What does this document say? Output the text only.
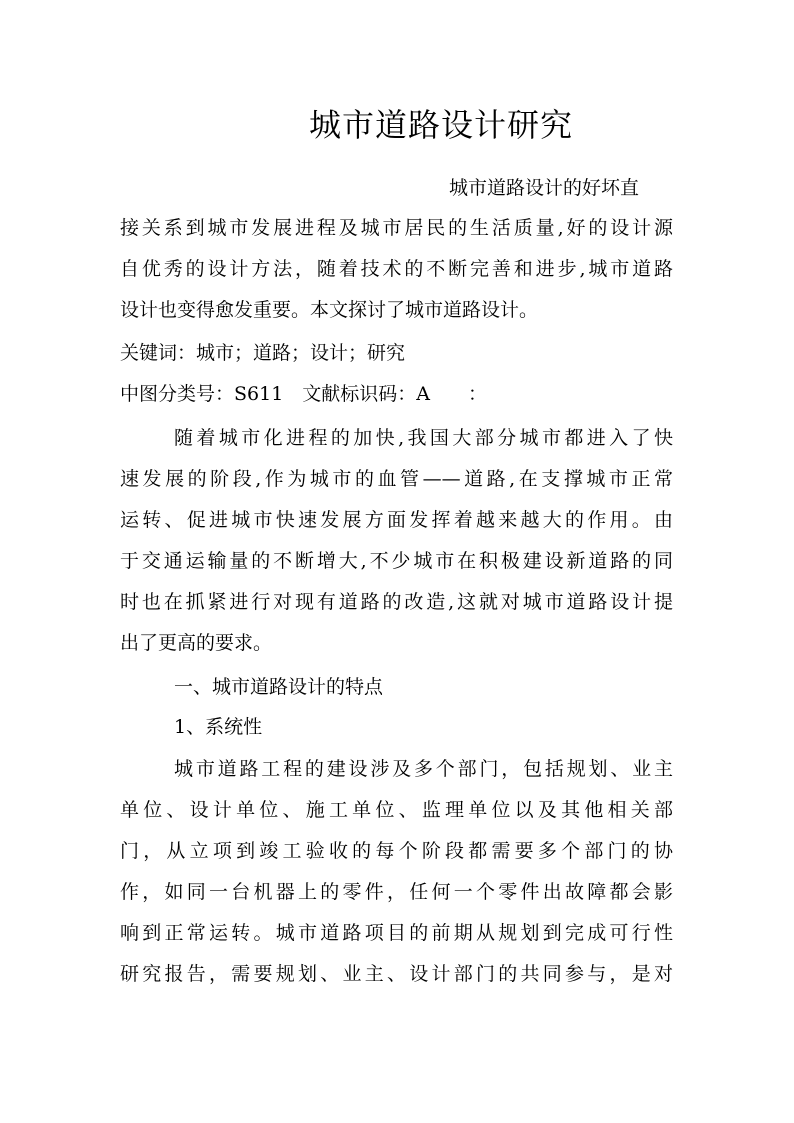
城市道路设计研究
城市道路设计的好坏直
接关系到城市发展进程及城市居民的生活质量,好的设计源
自优秀的设计方法，随着技术的不断完善和进步,城市道路
设计也变得愈发重要。本文探讨了城市道路设计。
关键词：城市；道路；设计；研究
中图分类号：S611　文献标识码：A　　：
随着城市化进程的加快,我国大部分城市都进入了快
速发展的阶段,作为城市的血管——道路,在支撑城市正常
运转、促进城市快速发展方面发挥着越来越大的作用。由
于交通运输量的不断增大,不少城市在积极建设新道路的同
时也在抓紧进行对现有道路的改造,这就对城市道路设计提
出了更高的要求。
一、城市道路设计的特点
1、系统性
城市道路工程的建设涉及多个部门，包括规划、业主
单位、设计单位、施工单位、监理单位以及其他相关部
门，从立项到竣工验收的每个阶段都需要多个部门的协
作，如同一台机器上的零件，任何一个零件出故障都会影
响到正常运转。城市道路项目的前期从规划到完成可行性
研究报告，需要规划、业主、设计部门的共同参与，是对
